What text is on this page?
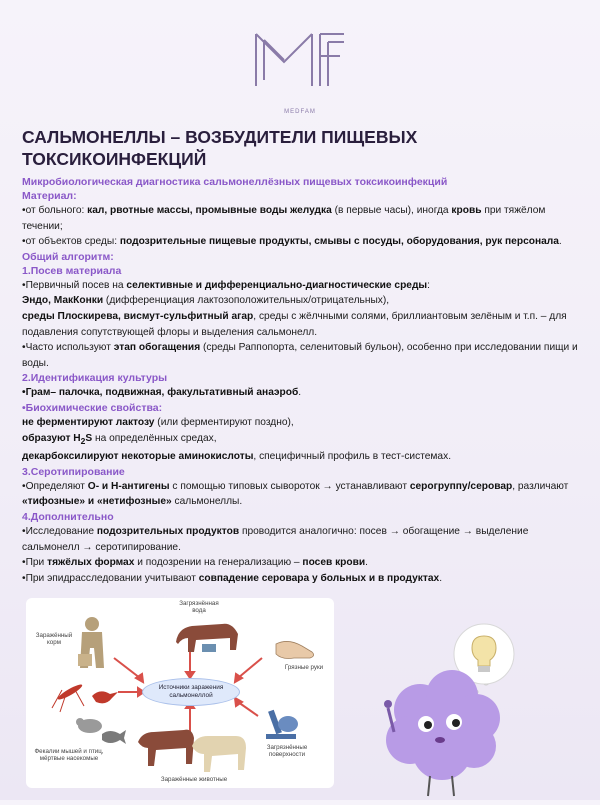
MEDFAM
САЛЬМОНЕЛЛЫ – ВОЗБУДИТЕЛИ ПИЩЕВЫХ ТОКСИКОИНФЕКЦИЙ
Микробиологическая диагностика сальмонеллёзных пищевых токсикоинфекций
Материал:

•от больного: кал, рвотные массы, промывные воды желудка (в первые часы), иногда кровь при тяжёлом течении;

•от объектов среды: подозрительные пищевые продукты, смывы с посуды, оборудования, рук персонала.

Общий алгоритм:
1.Посев материала

•Первичный посев на селективные и дифференциально-диагностические среды:

Эндо, МакКонки (дифференциация лактозоположительных/отрицательных),

среды Плоскирева, висмут-сульфитный агар, среды с жёлчными солями, бриллиантовым зелёным и т.п. – для подавления сопутствующей флоры и выделения сальмонелл.

•Часто используют этап обогащения (среды Раппопорта, селенитовый бульон), особенно при исследовании пищи и воды.

2.Идентификация культуры

•Грам– палочка, подвижная, факультативный анаэроб.

•Биохимические свойства:

не ферментируют лактозу (или ферментируют поздно),

образуют $H_2S$ на определённых средах,

декарбоксилируют некоторые аминокислоты, специфичный профиль в тест-системах.

3.Серотипирование

•Определяют О- и Н-антигены с помощью типовых сывороток → устанавливают серогруппу/серовар, различают «тифозные» и «нетифозные» сальмонеллы.

4.Дополнительно

•Исследование подозрительных продуктов проводится аналогично: посев → обогащение → выделение сальмонелл → серотипирование.

•При тяжёлых формах и подозрении на генерализацию – посев крови.

•При эпидрасследовании учитывают совпадение серовара у больных и в продуктах.

Загрязнённая вода
Заражённый корм
Грязные руки
Источники заражения сальмонеллой
Фекалии мышей и птиц, мёртвые насекомые
Загрязнённые поверхности
Заражённые животные
